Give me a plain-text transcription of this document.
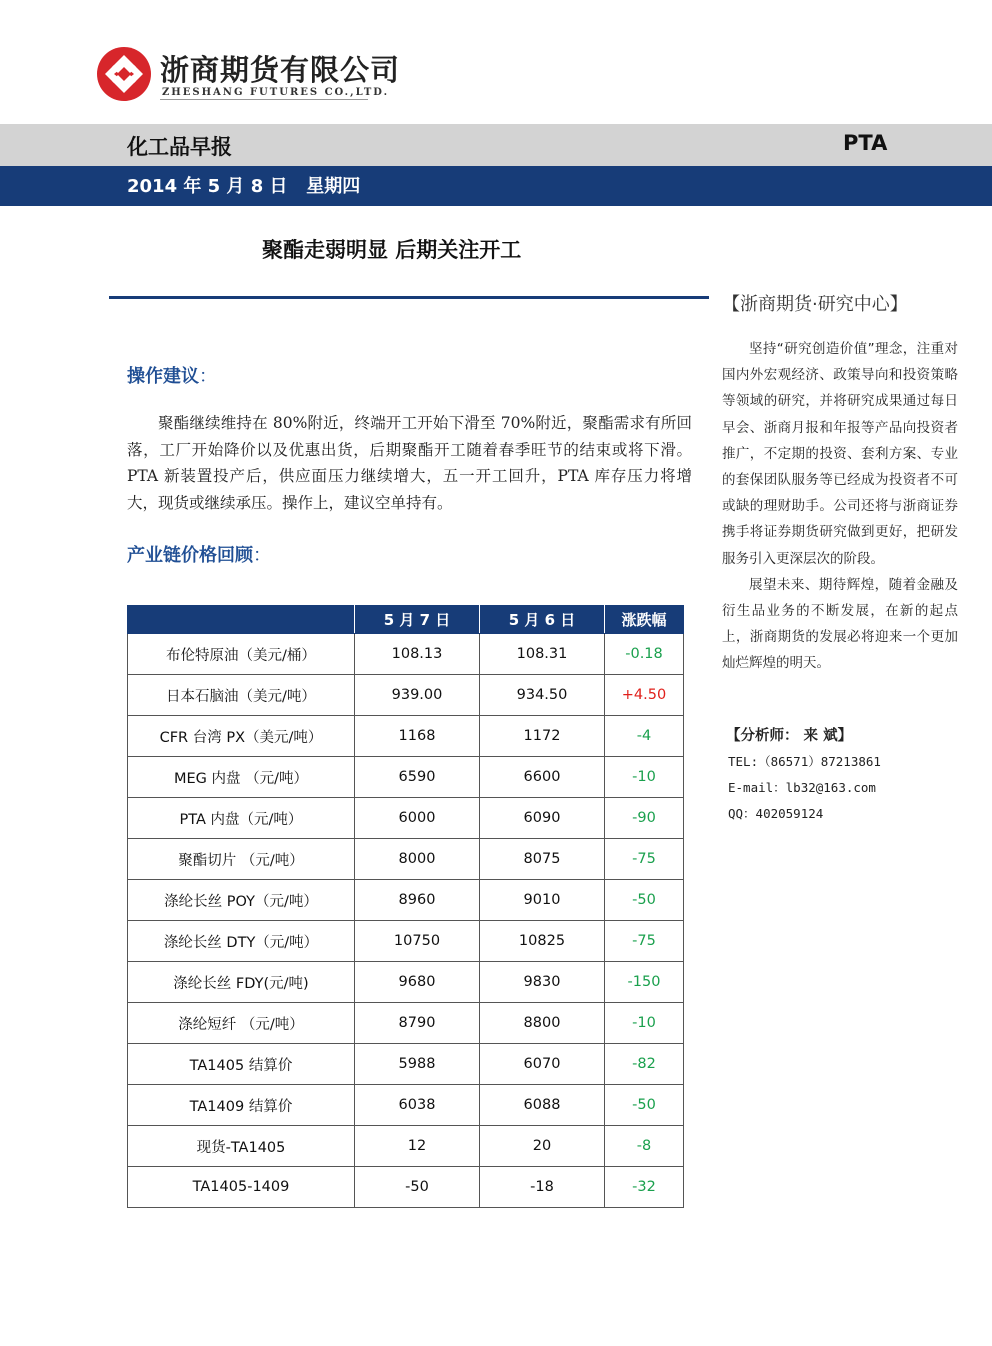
浙商期货有限公司
ZHESHANG FUTURES CO.,LTD.
化工品早报	PTA
2014 年 5 月 8 日   星期四
聚酯走弱明显 后期关注开工
操作建议：

聚酯继续维持在 80%附近，终端开工开始下滑至 70%附近，聚酯需求有所回落，工厂开始降价以及优惠出货，后期聚酯开工随着春季旺节的结束或将下滑。PTA 新装置投产后，供应面压力继续增大，五一开工回升，PTA 库存压力将增大，现货或继续承压。操作上，建议空单持有。

产业链价格回顾：
	5 月 7 日	5 月 6 日	涨跌幅
布伦特原油（美元/桶）	108.13	108.31	-0.18
日本石脑油（美元/吨）	939.00	934.50	+4.50
CFR 台湾 PX（美元/吨）	1168	1172	-4
MEG 内盘 （元/吨）	6590	6600	-10
PTA 内盘（元/吨）	6000	6090	-90
聚酯切片 （元/吨）	8000	8075	-75
涤纶长丝 POY（元/吨）	8960	9010	-50
涤纶长丝 DTY（元/吨）	10750	10825	-75
涤纶长丝 FDY(元/吨)	9680	9830	-150
涤纶短纤 （元/吨）	8790	8800	-10
TA1405 结算价	5988	6070	-82
TA1409 结算价	6038	6088	-50
现货-TA1405	12	20	-8
TA1405-1409	-50	-18	-32
【浙商期货·研究中心】

坚持“研究创造价值”理念，注重对国内外宏观经济、政策导向和投资策略等领域的研究，并将研究成果通过每日早会、浙商月报和年报等产品向投资者推广，不定期的投资、套利方案、专业的套保团队服务等已经成为投资者不可或缺的理财助手。公司还将与浙商证券携手将证券期货研究做到更好，把研发服务引入更深层次的阶段。

展望未来、期待辉煌，随着金融及衍生品业务的不断发展，在新的起点上，浙商期货的发展必将迎来一个更加灿烂辉煌的明天。

【分析师： 来 斌】
TEL:（86571）87213861
E-mail：lb32@163.com
QQ：402059124
